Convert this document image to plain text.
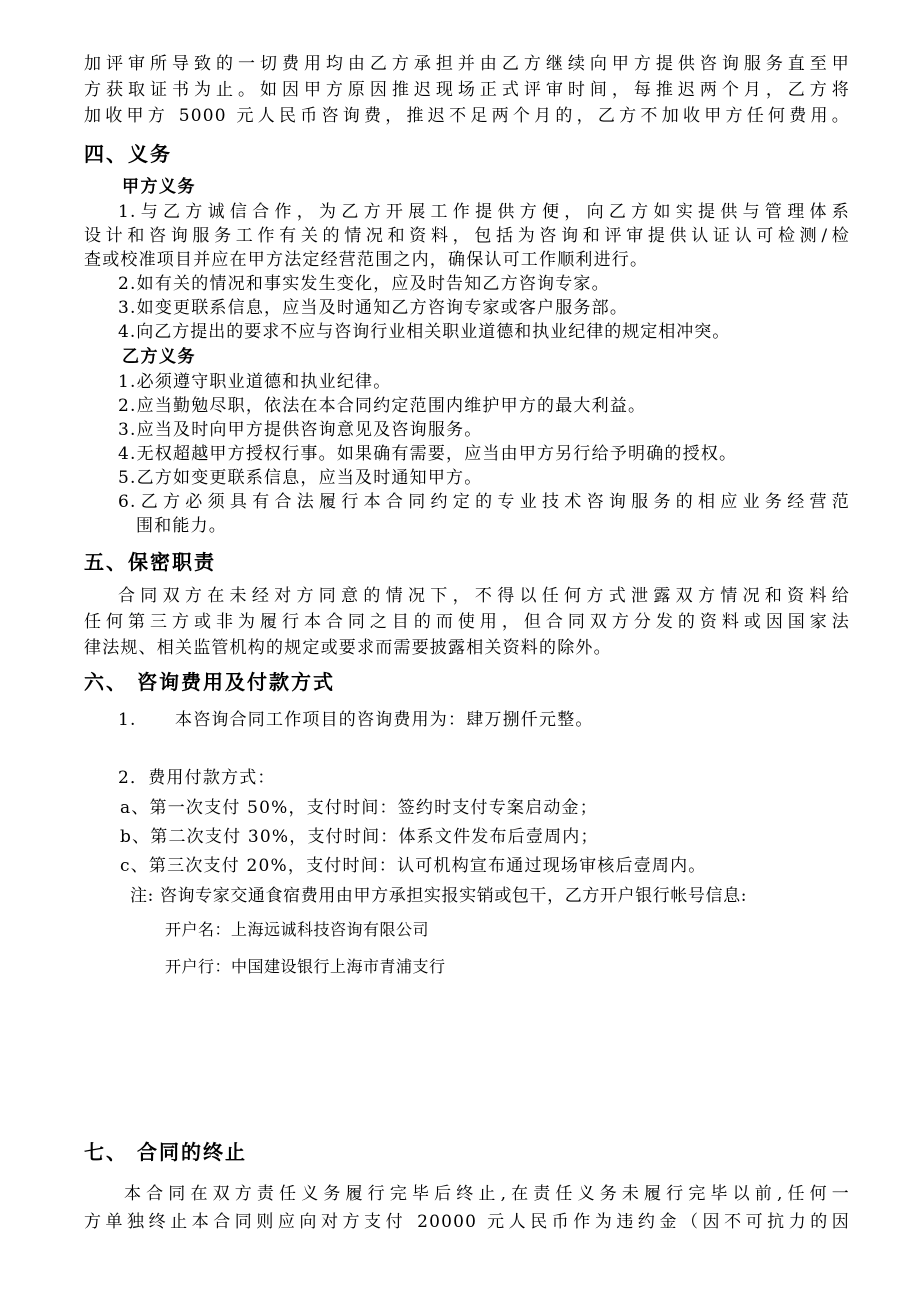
加评审所导致的一切费用均由乙方承担并由乙方继续向甲方提供咨询服务直至甲
方获取证书为止。如因甲方原因推迟现场正式评审时间，每推迟两个月，乙方将
加收甲方 5000 元人民币咨询费，推迟不足两个月的，乙方不加收甲方任何费用。
四、义务
甲方义务
1.与乙方诚信合作，为乙方开展工作提供方便，向乙方如实提供与管理体系
设计和咨询服务工作有关的情况和资料，包括为咨询和评审提供认证认可检测/检
查或校准项目并应在甲方法定经营范围之内，确保认可工作顺利进行。
2.如有关的情况和事实发生变化，应及时告知乙方咨询专家。
3.如变更联系信息，应当及时通知乙方咨询专家或客户服务部。
4.向乙方提出的要求不应与咨询行业相关职业道德和执业纪律的规定相冲突。
乙方义务
1.必须遵守职业道德和执业纪律。
2.应当勤勉尽职，依法在本合同约定范围内维护甲方的最大利益。
3.应当及时向甲方提供咨询意见及咨询服务。
4.无权超越甲方授权行事。如果确有需要，应当由甲方另行给予明确的授权。
5.乙方如变更联系信息，应当及时通知甲方。
6.乙方必须具有合法履行本合同约定的专业技术咨询服务的相应业务经营范
围和能力。
五、保密职责
合同双方在未经对方同意的情况下，不得以任何方式泄露双方情况和资料给
任何第三方或非为履行本合同之目的而使用，但合同双方分发的资料或因国家法
律法规、相关监管机构的规定或要求而需要披露相关资料的除外。
六、 咨询费用及付款方式
1.	本咨询合同工作项目的咨询费用为：肆万捌仟元整。
2．费用付款方式：
a、第一次支付 50%，支付时间：签约时支付专案启动金；
b、第二次支付 30%，支付时间：体系文件发布后壹周内；
c、第三次支付 20%，支付时间：认可机构宣布通过现场审核后壹周内。
注: 咨询专家交通食宿费用由甲方承担实报实销或包干，乙方开户银行帐号信息:
开户名：上海远诚科技咨询有限公司
开户行：中国建设银行上海市青浦支行
七、 合同的终止
本合同在双方责任义务履行完毕后终止,在责任义务未履行完毕以前,任何一
方单独终止本合同则应向对方支付 20000 元人民币作为违约金（因不可抗力的因
